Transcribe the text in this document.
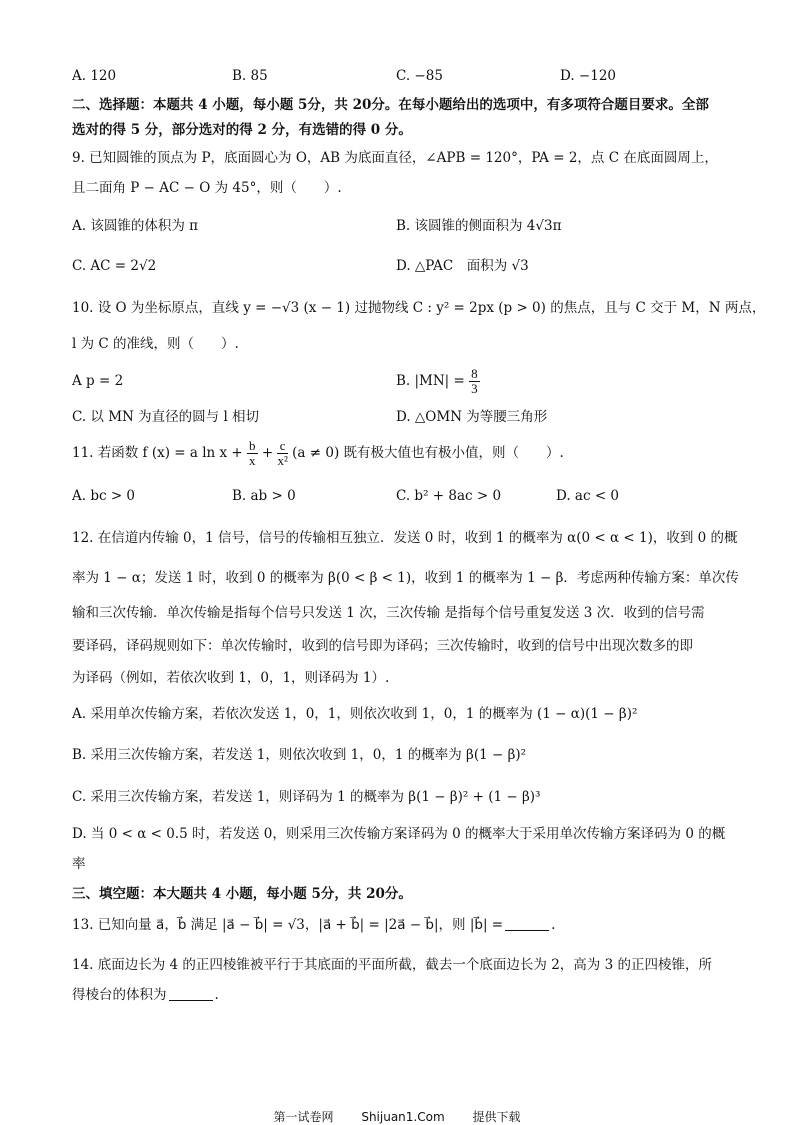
A. 120	B. 85	C. −85	D. −120
二、选择题：本题共 4 小题，每小题 5分，共 20分。在每小题给出的选项中，有多项符合题目要求。全部
选对的得 5 分，部分选对的得 2 分，有选错的得 0 分。
9. 已知圆锥的顶点为 P，底面圆心为 O，AB 为底面直径，∠APB = 120°，PA = 2，点 C 在底面圆周上，
且二面角 P − AC − O 为 45°，则（　　）.
A. 该圆锥的体积为 π	B. 该圆锥的侧面积为 4√3π
C. AC = 2√2	D. △PAC　面积为 √3
10. 设 O 为坐标原点，直线 y = −√3 (x − 1) 过抛物线 C : y² = 2px (p > 0) 的焦点，且与 C 交于 M，N 两点，
l 为 C 的准线，则（　　）.
A p = 2	B. $|MN| = \frac{8}{3}$
C. 以 MN 为直径的圆与 l 相切	D. △OMN 为等腰三角形
11. 若函数 f (x) = a $\ln x + \frac{b}{x} + \frac{c}{\text{x²}} (a \ne 0)$ 既有极大值也有极小值，则（　　）.
A. bc > 0	B. ab > 0	C. b² + 8ac > 0	D. ac < 0
12. 在信道内传输 0，1 信号，信号的传输相互独立．发送 0 时，收到 1 的概率为 α(0 < α < 1)，收到 0 的概
率为 1 − α；发送 1 时，收到 0 的概率为 β(0 < β < 1)，收到 1 的概率为 1 − β．考虑两种传输方案：单次传
输和三次传输．单次传输是指每个信号只发送 1 次，三次传输 是指每个信号重复发送 3 次．收到的信号需
要译码，译码规则如下：单次传输时，收到的信号即为译码；三次传输时，收到的信号中出现次数多的即
为译码（例如，若依次收到 1，0，1，则译码为 1）.
A. 采用单次传输方案，若依次发送 1，0，1，则依次收到 1，0，1 的概率为 (1 − α)(1 − β)²
B. 采用三次传输方案，若发送 1，则依次收到 1，0，1 的概率为 β(1 − β)²
C. 采用三次传输方案，若发送 1，则译码为 1 的概率为 β(1 − β)² + (1 − β)³
D. 当 0 < α < 0.5 时，若发送 0，则采用三次传输方案译码为 0 的概率大于采用单次传输方案译码为 0 的概
率
三、填空题：本大题共 4 小题，每小题 5分，共 20分。
13. 已知向量 a⃗，b⃗ 满足 |a⃗ − b⃗| = √3，|a⃗ + b⃗| = |2a⃗ − b⃗|，则 |b⃗| =	.
14. 底面边长为 4 的正四棱锥被平行于其底面的平面所截，截去一个底面边长为 2，高为 3 的正四棱锥，所
得棱台的体积为	.
第一试卷网 Shijuan1.Com 提供下载
